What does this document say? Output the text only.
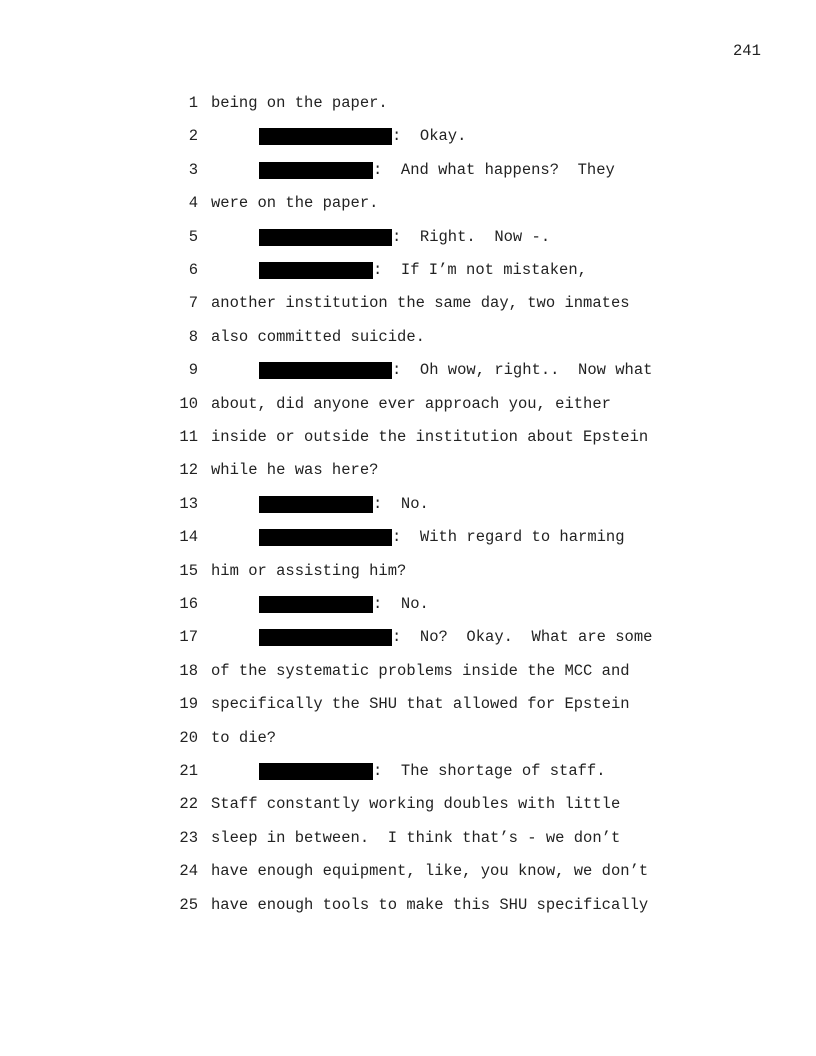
241
1 being on the paper.
2	:  Okay.
3	:  And what happens?  They
4 were on the paper.
5	:  Right.  Now -.
6	:  If I’m not mistaken,
7 another institution the same day, two inmates
8 also committed suicide.
9	:  Oh wow, right..  Now what
10 about, did anyone ever approach you, either
11 inside or outside the institution about Epstein
12 while he was here?
13	:  No.
14	:  With regard to harming
15 him or assisting him?
16	:  No.
17	:  No?  Okay.  What are some
18 of the systematic problems inside the MCC and
19 specifically the SHU that allowed for Epstein
20 to die?
21	:  The shortage of staff.
22 Staff constantly working doubles with little
23 sleep in between.  I think that’s - we don’t
24 have enough equipment, like, you know, we don’t
25 have enough tools to make this SHU specifically
